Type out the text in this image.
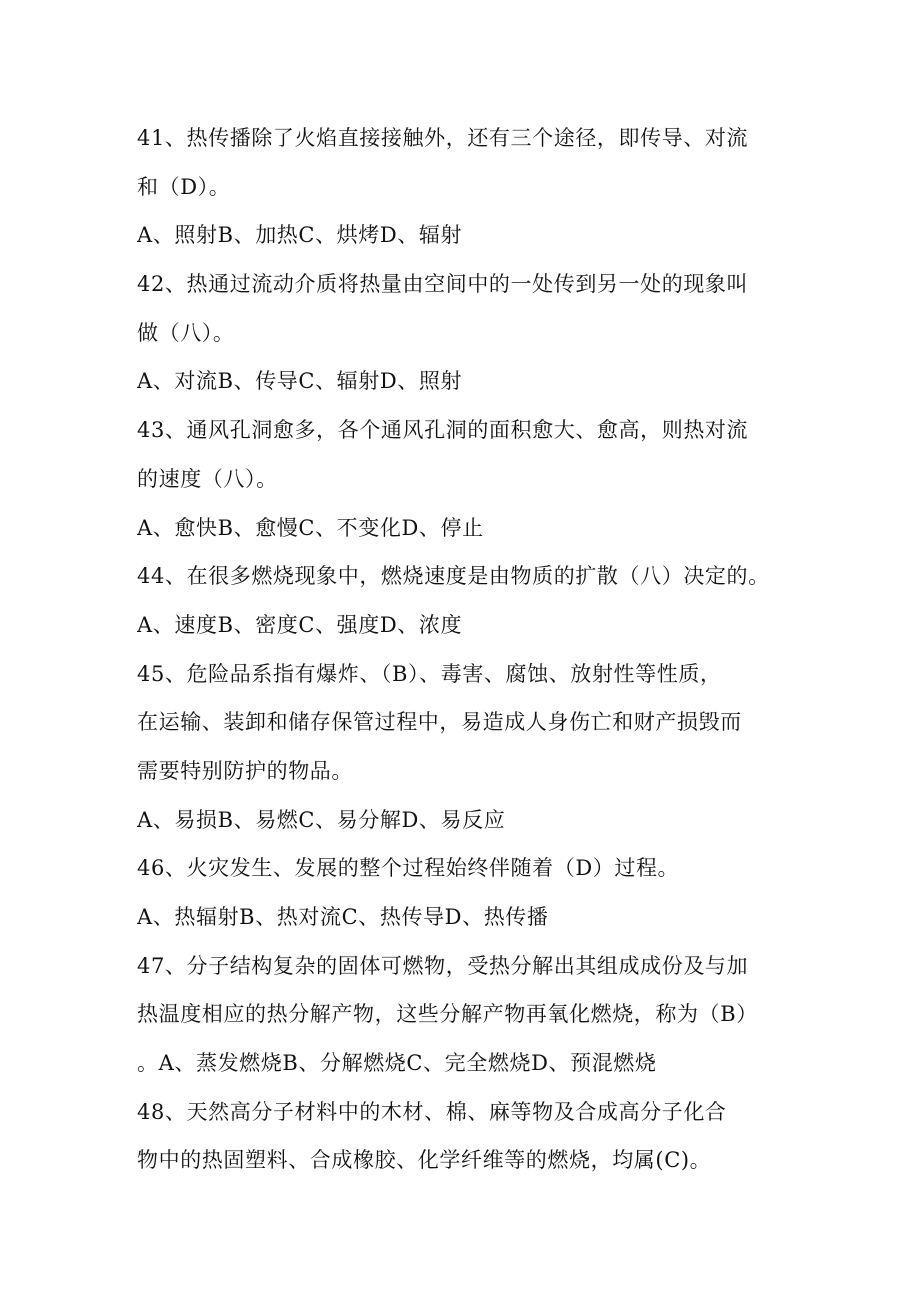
41、热传播除了火焰直接接触外，还有三个途径，即传导、对流
和（D）。
A、照射B、加热C、烘烤D、辐射
42、热通过流动介质将热量由空间中的一处传到另一处的现象叫
做（八）。
A、对流B、传导C、辐射D、照射
43、通风孔洞愈多，各个通风孔洞的面积愈大、愈高，则热对流
的速度（八）。
A、愈快B、愈慢C、不变化D、停止
44、在很多燃烧现象中，燃烧速度是由物质的扩散（八）决定的。
A、速度B、密度C、强度D、浓度
45、危险品系指有爆炸、（B）、毒害、腐蚀、放射性等性质，
在运输、装卸和储存保管过程中，易造成人身伤亡和财产损毁而
需要特别防护的物品。
A、易损B、易燃C、易分解D、易反应
46、火灾发生、发展的整个过程始终伴随着（D）过程。
A、热辐射B、热对流C、热传导D、热传播
47、分子结构复杂的固体可燃物，受热分解出其组成成份及与加
热温度相应的热分解产物，这些分解产物再氧化燃烧，称为（B）
。A、蒸发燃烧B、分解燃烧C、完全燃烧D、预混燃烧
48、天然高分子材料中的木材、棉、麻等物及合成高分子化合
物中的热固塑料、合成橡胶、化学纤维等的燃烧，均属(C)。
